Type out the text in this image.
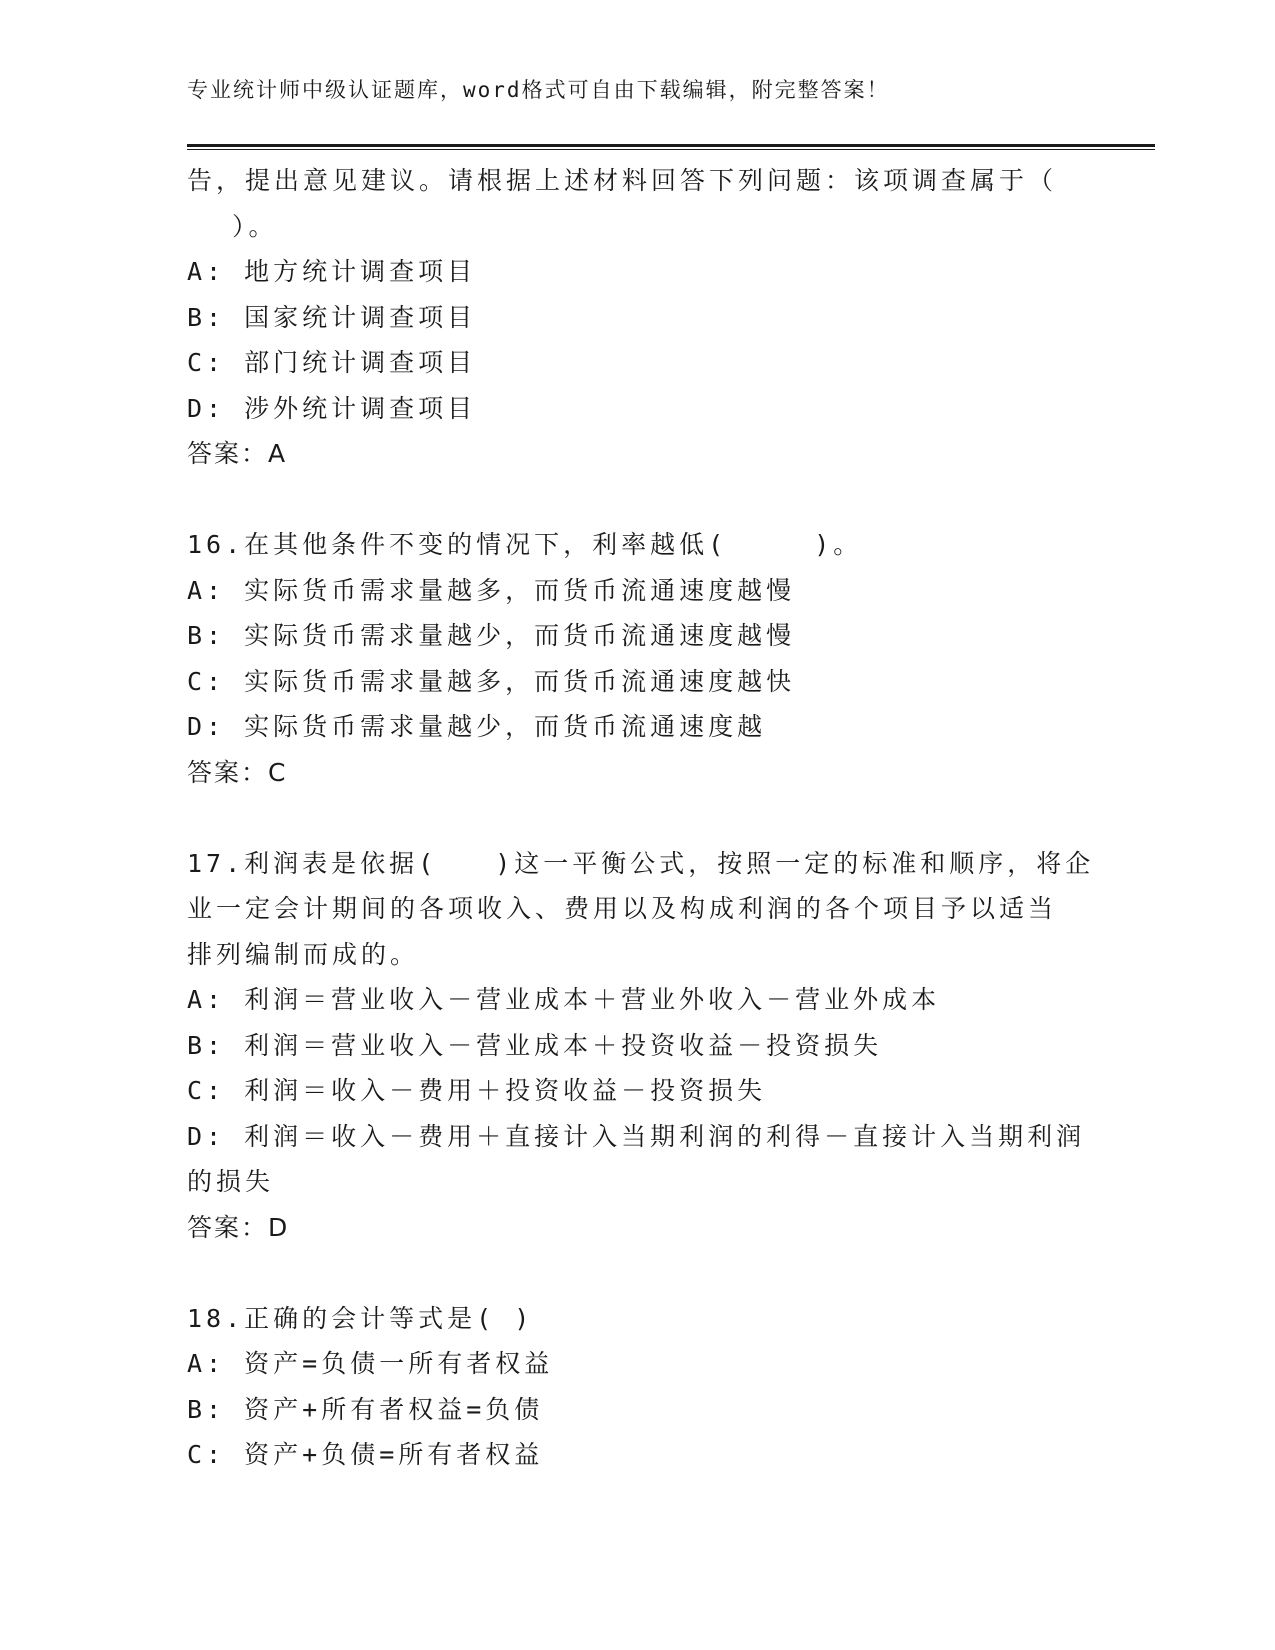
专业统计师中级认证题库，word格式可自由下载编辑，附完整答案！
告，提出意见建议。请根据上述材料回答下列问题：该项调查属于（
）。
A: 地方统计调查项目
B: 国家统计调查项目
C: 部门统计调查项目
D: 涉外统计调查项目
答案：A
16.在其他条件不变的情况下，利率越低(　　　)。
A: 实际货币需求量越多，而货币流通速度越慢
B: 实际货币需求量越少，而货币流通速度越慢
C: 实际货币需求量越多，而货币流通速度越快
D: 实际货币需求量越少，而货币流通速度越
答案：C
17.利润表是依据(　　)这一平衡公式，按照一定的标准和顺序，将企
业一定会计期间的各项收入、费用以及构成利润的各个项目予以适当
排列编制而成的。
A: 利润＝营业收入－营业成本＋营业外收入－营业外成本
B: 利润＝营业收入－营业成本＋投资收益－投资损失
C: 利润＝收入－费用＋投资收益－投资损失
D: 利润＝收入－费用＋直接计入当期利润的利得－直接计入当期利润
的损失
答案：D
18.正确的会计等式是( )
A: 资产=负债一所有者权益
B: 资产+所有者权益=负债
C: 资产+负债=所有者权益
